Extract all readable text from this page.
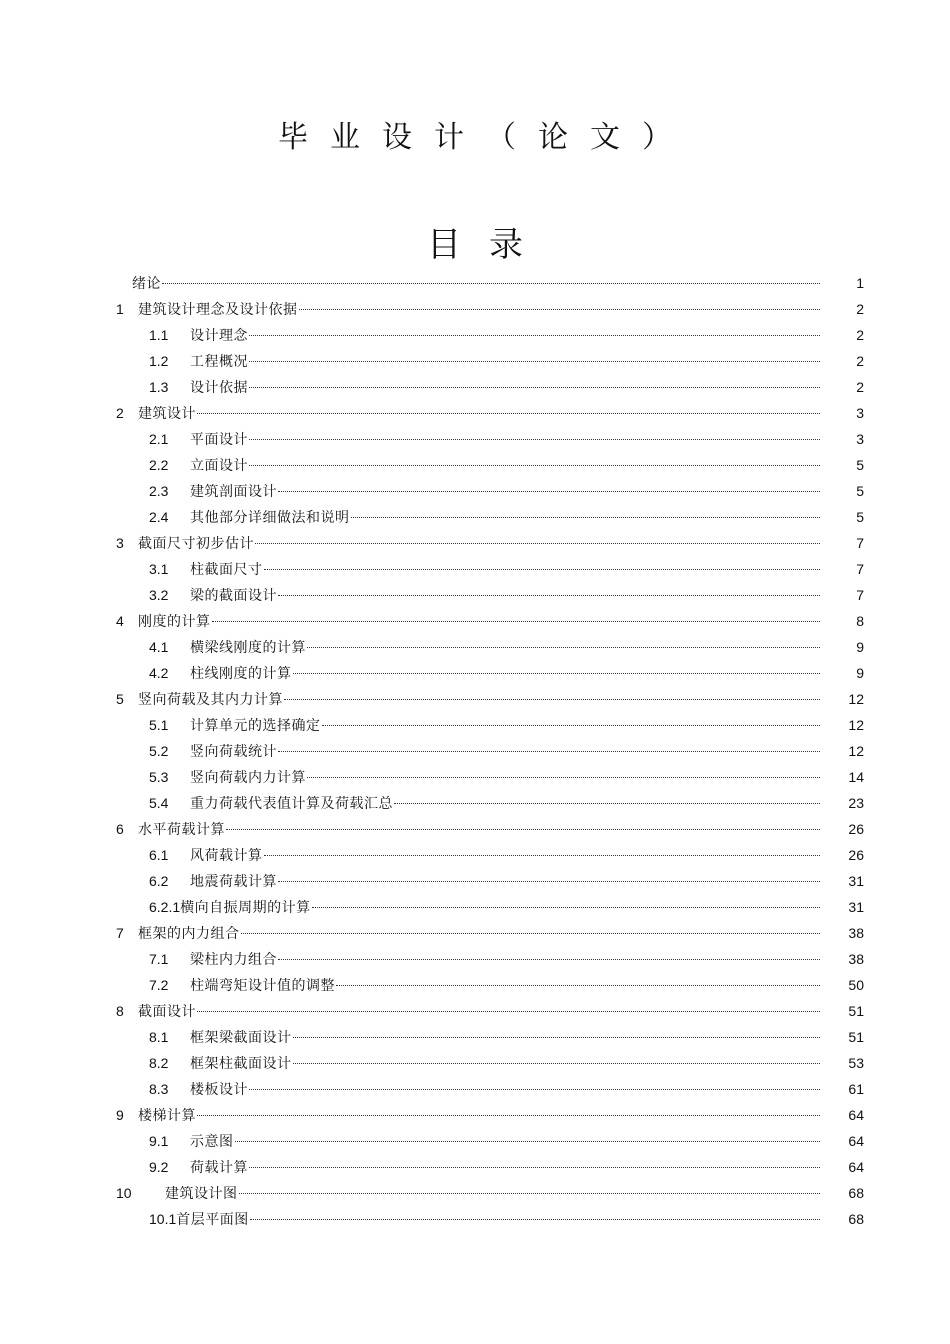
毕业设计（论文）
目录
绪论	1
1	建筑设计理念及设计依据	2
1.1	设计理念	2
1.2	工程概况	2
1.3	设计依据	2
2	建筑设计	3
2.1	平面设计	3
2.2	立面设计	5
2.3	建筑剖面设计	5
2.4	其他部分详细做法和说明	5
3	截面尺寸初步估计	7
3.1	柱截面尺寸	7
3.2	梁的截面设计	7
4	刚度的计算	8
4.1	横梁线刚度的计算	9
4.2	柱线刚度的计算	9
5	竖向荷载及其内力计算	12
5.1	计算单元的选择确定	12
5.2	竖向荷载统计	12
5.3	竖向荷载内力计算	14
5.4	重力荷载代表值计算及荷载汇总	23
6	水平荷载计算	26
6.1	风荷载计算	26
6.2	地震荷载计算	31
6.2.1 横向自振周期的计算	31
7	框架的内力组合	38
7.1	梁柱内力组合	38
7.2	柱端弯矩设计值的调整	50
8	截面设计	51
8.1	框架梁截面设计	51
8.2	框架柱截面设计	53
8.3	楼板设计	61
9	楼梯计算	64
9.1	示意图	64
9.2	荷载计算	64
10	建筑设计图	68
10.1 首层平面图	68
